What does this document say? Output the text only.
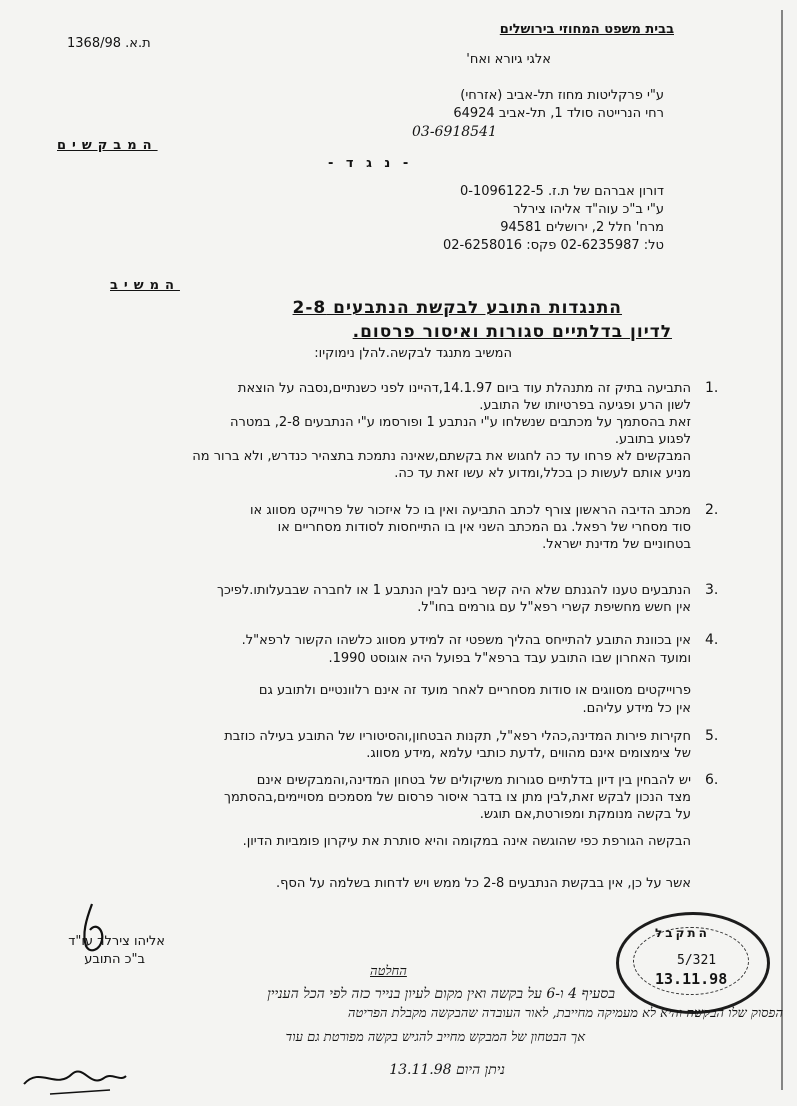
בבית משפט המחוזי בירושלים
ת.א. 1368/98
אלגי גיורא ואח'
ע"י פרקליטות מחוז תל-אביב (אזרחי)
רחי הנרייטה סולד 1, תל-אביב 64924
03-6918541
המבקשים
- נ ג ד -
דורון אברהם של ת.ז. 0-1096122-5
ע"י ב"כ עוה"ד אליהו צירלר
מרח' חלל 2, ירושלים 94581
טל: 02-6235987 פקס: 02-6258016
המשיב
התנגדות התובע לבקשת הנתבעים 2-8
לדיון בדלתיים סגורות ואיסור פרסום.
המשיב מתנגד לבקשה.להלן נימוקיו:
1.
התביעה בתיק זה מתנהלת עוד ביום 14.1.97,דהיינו לפני כשנתיים,נסבה על הוצאת
לשון הרע ופגיעה בפרטיותו של התובע.
זאת בהסתמך על מכתבים שנשלחו ע"י הנתבע 1 ופורסמו ע"י הנתבעים 2-8, במטרה
לפגוע בתובע.
המבקשים לא פרחו עד כה לחגוש את בקשתם,שאינה נתמכת בתצהיר כנדרש, ולא ברור מה
מניע אותם לעשות כן בכלל,ומדוע לא עשו זאת עד כה.
2.
מכתב הדיבה הראשון צורף לכתב התביעה ואין בו כל איזכור של פרוייקט מסווג או
סוד מסחרי של רפאל. גם המכתב השני אין בו התייחסות לסודות מסחריים או
בטחוניים של מדינת ישראל.
3.
הנתבעים טענו להגנתם שלא היה קשר בינם לבין הנתבע 1 או לחברה שבבעלותו.לפיכך
אין חשש מחשיפת קשרי רפא"ל עם גורמים בחו"ל.
4.
אין בכוונת התובע להתייחס בהליך משפטי זה למידע מסווג כלשהו הקשור לרפא"ל.
ומועד האחרון שבו התובע עבד ברפא"ל בפועל היה אוגוסט 1990.
פרוייקטים מסווגים או סודות מסחריים לאחר מועד זה אינם רלוונטיים ולתובע גם
אין כל מידע עליהם.
5.
חקירות פירות המדינה,כהלי רפא"ל, תקנות הבטחון,והסיטוריו של התובע בעילה כוזבת
של צימצומים אינם מהווים ,לדעת כותבי עלמא ,מידע מסווג.
6.
יש להבחין בין דיון בדלתיים סגורות משיקולים של בטחון המדינה,והמבקשים אינם
מצד הנכון לבקש זאת,לבין מתן צו בדבר איסור פרסום של מסמכים מסויימים,בהסתמך
על בקשה מנומקת ומפורטת,אם תוגש.
הבקשה הגורפת כפי שהוגשה אינה במקומה והיא סותרת את עיקרון פומביות הדיון.
אשר על כן, אין בבקשת הנתבעים 2-8 כל ממש ויש לדחות בשלמה על הסף.
אליהו צירלר עו"ד
ב"כ התובע
התקבל
5/321
13.11.98
החלטה
בסעיף 4 ו-6 על בקשה ואין מקום לעיון בנייר כזה לפי הכל העניין
הפסוק שלו הבקשה והיא לא מעמיקה מחייבת, לאור העובדה שהבקשה מקבלת הפריטה
אך הבטחון של המבקש מחייב להגיש בקשה מפורטת גם עוד
ניתן היום 13.11.98
